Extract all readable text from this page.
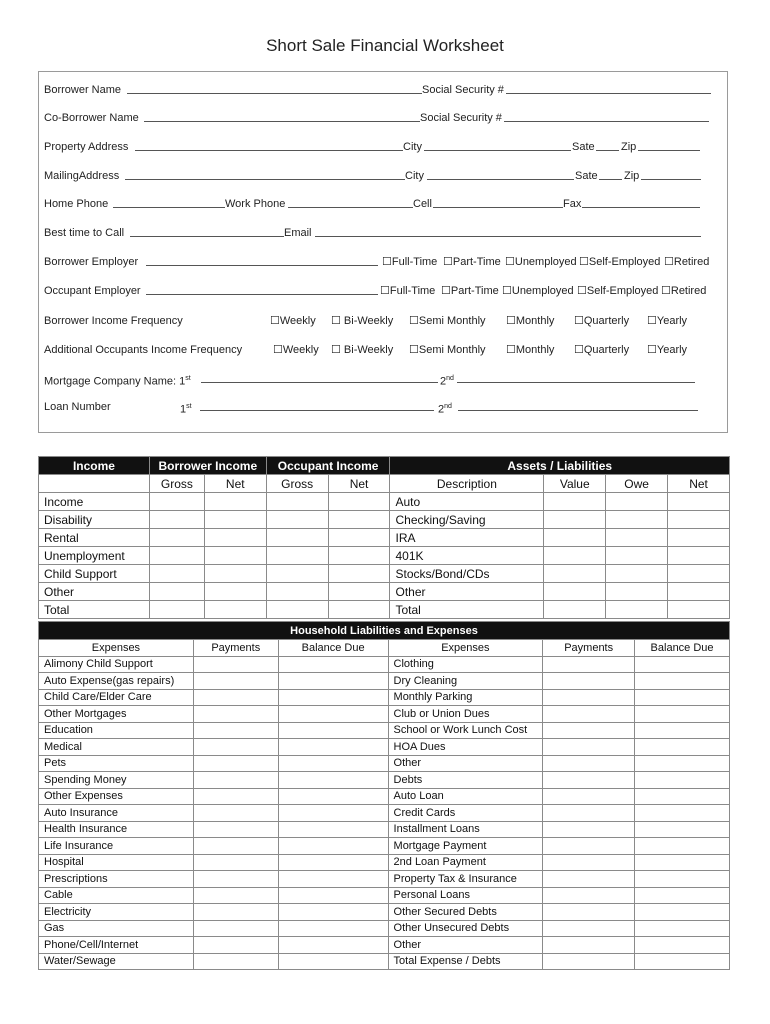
Short Sale Financial Worksheet
Borrower Name	Social Security #
Co-Borrower Name	Social Security #
Property Address	City	Sate Zip
MailingAddress	City	Sate Zip
Home Phone	Work Phone	Cell	Fax
Best time to Call	Email
Borrower Employer	☐Full-Time ☐Part-Time ☐Unemployed ☐Self-Employed ☐Retired
Occupant Employer	☐Full-Time ☐Part-Time ☐Unemployed ☐Self-Employed ☐Retired
Borrower Income Frequency	☐Weekly ☐ Bi-Weekly ☐Semi Monthly ☐Monthly ☐Quarterly ☐Yearly
Additional Occupants Income Frequency	☐Weekly ☐ Bi-Weekly ☐Semi Monthly ☐Monthly ☐Quarterly ☐Yearly
Mortgage Company Name: 1st	2nd
Loan Number	1st	2nd
Income	Borrower Income		Occupant Income		Assets / Liabilities			
	Gross	Net	Gross	Net	Description	Value	Owe	Net
Income					Auto			
Disability					Checking/Saving			
Rental					IRA			
Unemployment					401K			
Child Support					Stocks/Bond/CDs			
Other					Other			
Total					Total			
Household Liabilities and Expenses					
Expenses	Payments	Balance Due	Expenses	Payments	Balance Due
Alimony Child Support			Clothing		
Auto Expense(gas repairs)			Dry Cleaning		
Child Care/Elder Care			Monthly Parking		
Other Mortgages			Club or Union Dues		
Education			School or Work Lunch Cost		
Medical			HOA Dues		
Pets			Other		
Spending Money			Debts		
Other Expenses			Auto Loan		
Auto Insurance			Credit Cards		
Health Insurance			Installment Loans		
Life Insurance			Mortgage Payment		
Hospital			2nd Loan Payment		
Prescriptions			Property Tax & Insurance		
Cable			Personal Loans		
Electricity			Other Secured Debts		
Gas			Other Unsecured Debts		
Phone/Cell/Internet			Other		
Water/Sewage			Total Expense / Debts		
